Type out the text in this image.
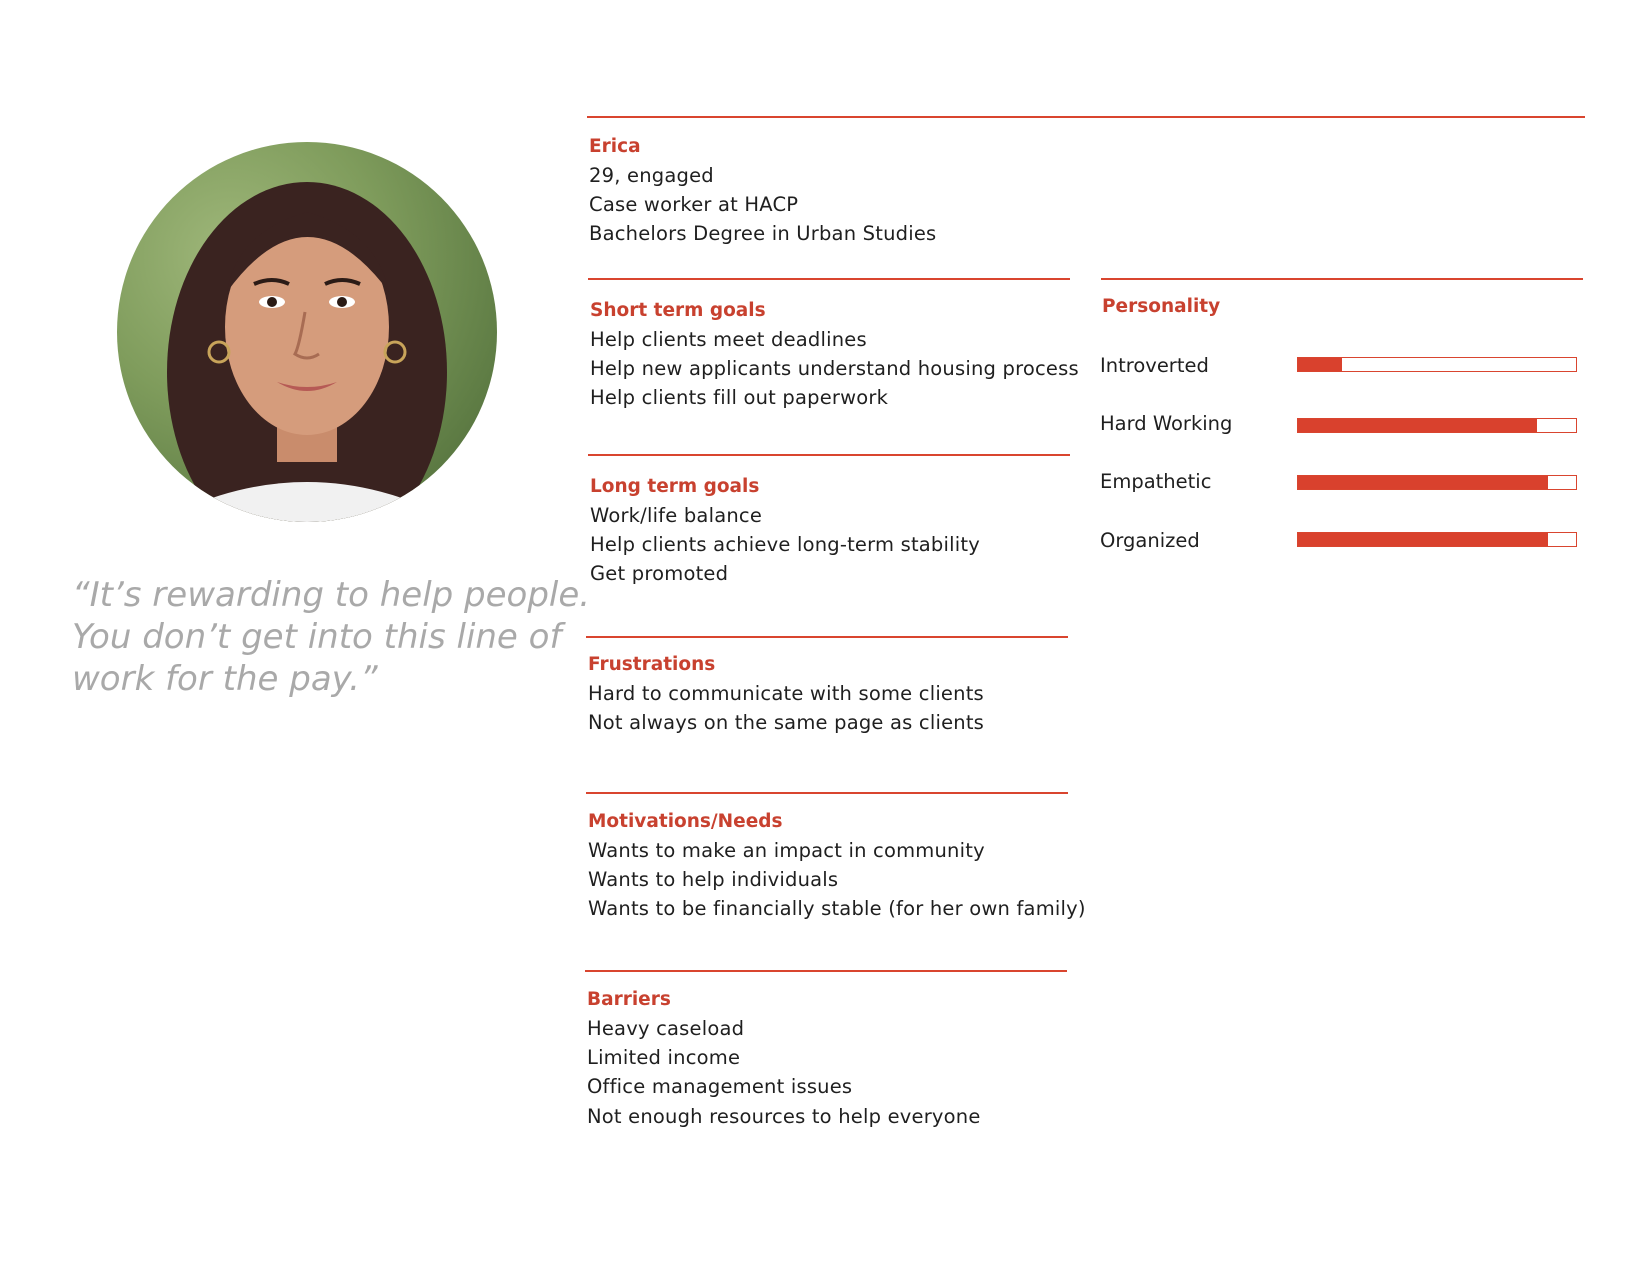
“It’s rewarding to help people. You don’t get into this line of work for the pay.”
Erica
29, engaged
Case worker at HACP
Bachelors Degree in Urban Studies
Short term goals
Help clients meet deadlines
Help new applicants understand housing process
Help clients fill out paperwork
Long term goals
Work/life balance
Help clients achieve long-term stability
Get promoted
Frustrations
Hard to communicate with some clients
Not always on the same page as clients
Motivations/Needs
Wants to make an impact in community
Wants to help individuals
Wants to be financially stable (for her own family)
Barriers
Heavy caseload
Limited income
Office management issues
Not enough resources to help everyone
Personality
Introverted
Hard Working
Empathetic
Organized
